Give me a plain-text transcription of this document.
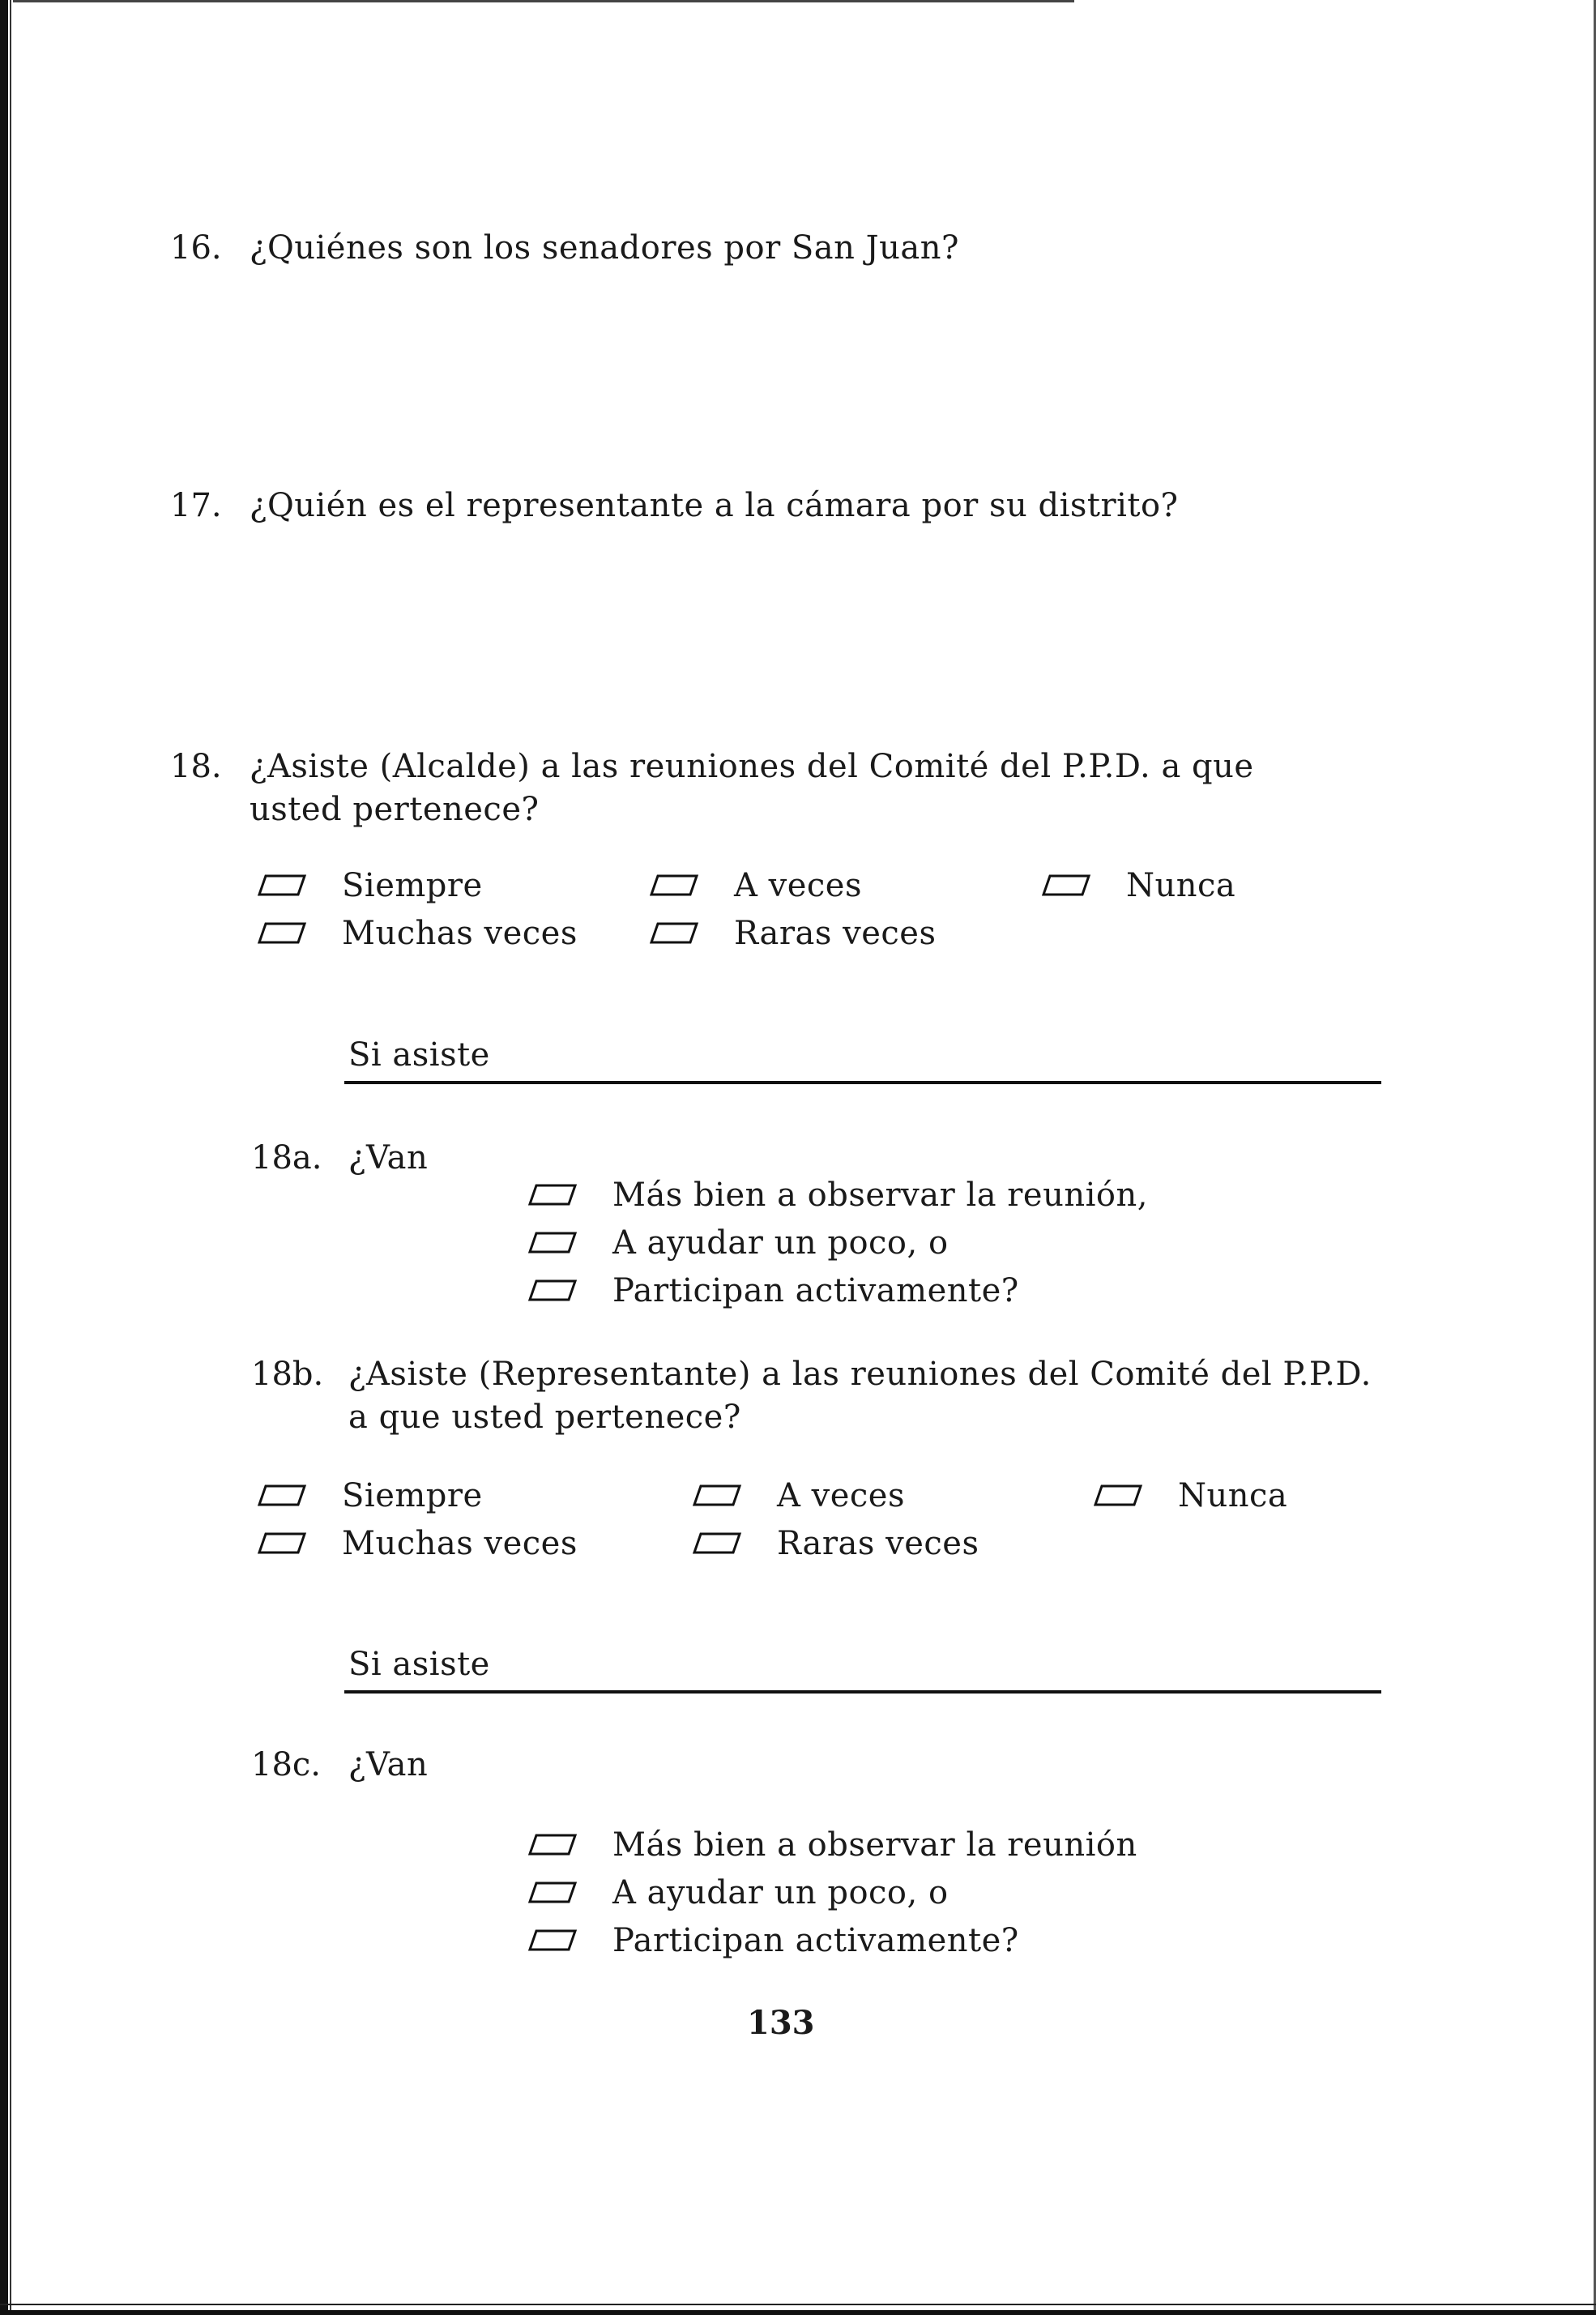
16. ¿Quiénes son los senadores por San Juan?
17. ¿Quién es el representante a la cámara por su distrito?
18. ¿Asiste (Alcalde) a las reuniones del Comité del P.P.D. a que
usted pertenece?
Siempre	A veces	Nunca
Muchas veces	Raras veces
Si asiste
18a. ¿Van
Más bien a observar la reunión,
A ayudar un poco, o
Participan activamente?
18b. ¿Asiste (Representante) a las reuniones del Comité del P.P.D.
a que usted pertenece?
Siempre	A veces	Nunca
Muchas veces	Raras veces
Si asiste
18c. ¿Van
Más bien a observar la reunión
A ayudar un poco, o
Participan activamente?
133
